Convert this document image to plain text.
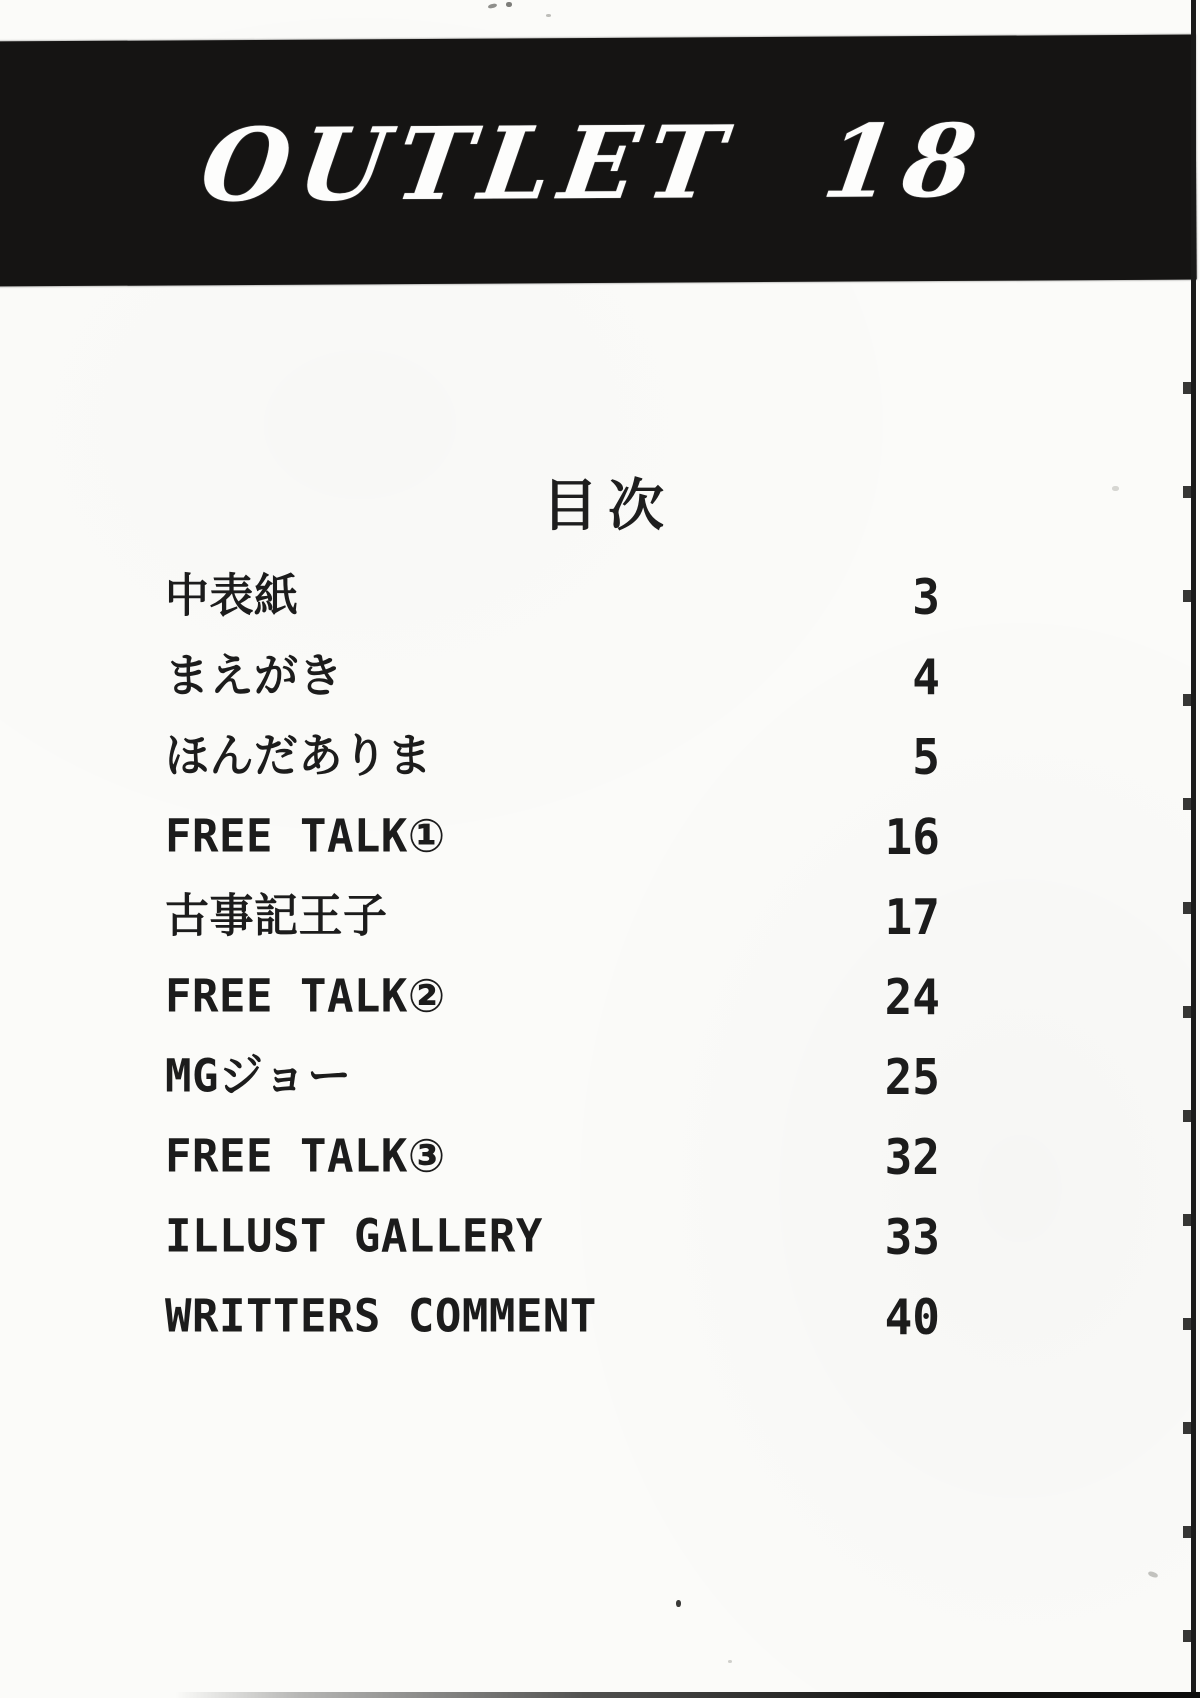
OUTLET 18
目次
中表紙	3
まえがき	4
ほんだありま	5
FREE TALK①	16
古事記王子	17
FREE TALK②	24
MGジョー	25
FREE TALK③	32
ILLUST GALLERY	33
WRITTERS COMMENT	40
